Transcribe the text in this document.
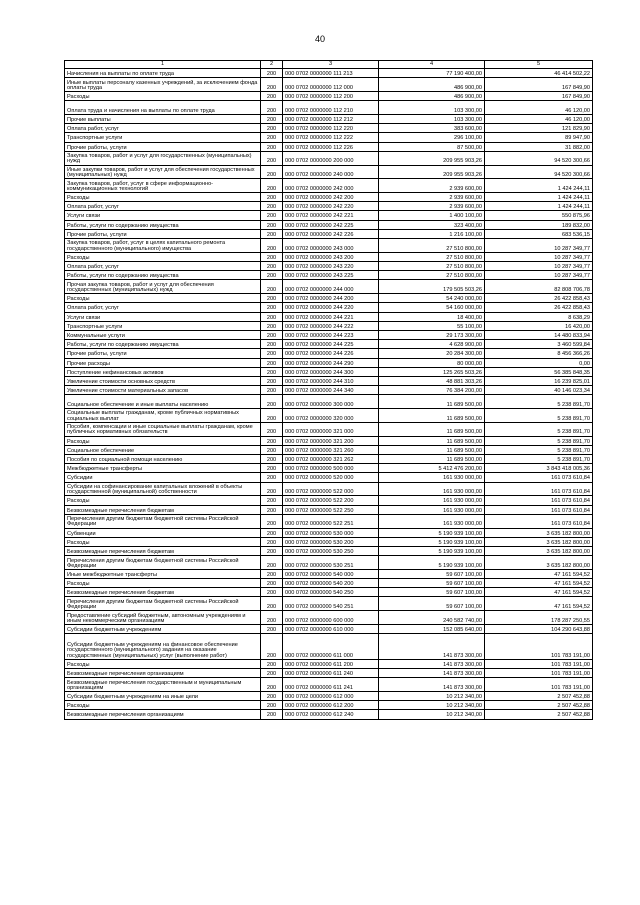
40
1	2	3	4	5
Начисления на выплаты по оплате труда	200	000 0702 0000000 111 213	77 190 400,00	46 414 502,22
Иные выплаты персоналу казенных учреждений, за исключением фонда оплаты труда	200	000 0702 0000000 112 000	486 900,00	167 849,90
Расходы	200	000 0702 0000000 112 200	486 900,00	167 849,90
Оплата труда и начисления на выплаты по оплате труда	200	000 0702 0000000 112 210	103 300,00	46 120,00
Прочие выплаты	200	000 0702 0000000 112 212	103 300,00	46 120,00
Оплата работ, услуг	200	000 0702 0000000 112 220	383 600,00	121 829,90
Транспортные услуги	200	000 0702 0000000 112 222	296 100,00	89 947,90
Прочие работы, услуги	200	000 0702 0000000 112 226	87 500,00	31 882,00
Закупка товаров, работ и услуг для государственных (муниципальных) нужд	200	000 0702 0000000 200 000	209 955 903,26	94 520 300,66
Иные закупки товаров, работ и услуг для обеспечения государственных (муниципальных) нужд	200	000 0702 0000000 240 000	209 955 903,26	94 520 300,66
Закупка товаров, работ, услуг в сфере информационно-коммуникационных технологий	200	000 0702 0000000 242 000	2 939 600,00	1 424 244,11
Расходы	200	000 0702 0000000 242 200	2 939 600,00	1 424 244,11
Оплата работ, услуг	200	000 0702 0000000 242 220	2 939 600,00	1 424 244,11
Услуги связи	200	000 0702 0000000 242 221	1 400 100,00	550 875,96
Работы, услуги по содержанию имущества	200	000 0702 0000000 242 225	323 400,00	189 832,00
Прочие работы, услуги	200	000 0702 0000000 242 226	1 216 100,00	683 536,15
Закупка товаров, работ, услуг в целях капитального ремонта государственного (муниципального) имущества	200	000 0702 0000000 243 000	27 510 800,00	10 287 349,77
Расходы	200	000 0702 0000000 243 200	27 510 800,00	10 287 349,77
Оплата работ, услуг	200	000 0702 0000000 243 220	27 510 800,00	10 287 349,77
Работы, услуги по содержанию имущества	200	000 0702 0000000 243 225	27 510 800,00	10 287 349,77
Прочая закупка товаров, работ и услуг для обеспечения государственных (муниципальных) нужд	200	000 0702 0000000 244 000	179 505 503,26	82 808 706,78
Расходы	200	000 0702 0000000 244 200	54 240 000,00	26 422 858,43
Оплата работ, услуг	200	000 0702 0000000 244 220	54 160 000,00	26 422 858,43
Услуги связи	200	000 0702 0000000 244 221	18 400,00	8 638,29
Транспортные услуги	200	000 0702 0000000 244 222	55 100,00	16 420,00
Коммунальные услуги	200	000 0702 0000000 244 223	29 173 300,00	14 480 833,94
Работы, услуги по содержанию имущества	200	000 0702 0000000 244 225	4 628 900,00	3 460 599,84
Прочие работы, услуги	200	000 0702 0000000 244 226	20 284 300,00	8 456 366,26
Прочие расходы	200	000 0702 0000000 244 290	80 000,00	0,00
Поступление нефинансовых активов	200	000 0702 0000000 244 300	125 265 503,26	56 385 848,35
Увеличение стоимости основных средств	200	000 0702 0000000 244 310	48 881 303,26	16 239 825,01
Увеличение стоимости материальных запасов	200	000 0702 0000000 244 340	76 384 200,00	40 146 023,34
Социальное обеспечение и иные выплаты населению	200	000 0702 0000000 300 000	11 689 500,00	5 238 891,70
Социальные выплаты гражданам, кроме публичных нормативных социальных выплат	200	000 0702 0000000 320 000	11 689 500,00	5 238 891,70
Пособия, компенсации и иные социальные выплаты гражданам, кроме публичных нормативных обязательств	200	000 0702 0000000 321 000	11 689 500,00	5 238 891,70
Расходы	200	000 0702 0000000 321 200	11 689 500,00	5 238 891,70
Социальное обеспечение	200	000 0702 0000000 321 260	11 689 500,00	5 238 891,70
Пособия по социальной помощи населению	200	000 0702 0000000 321 262	11 689 500,00	5 238 891,70
Межбюджетные трансферты	200	000 0702 0000000 500 000	5 412 476 200,00	3 843 418 005,36
Субсидии	200	000 0702 0000000 520 000	161 930 000,00	161 073 610,84
Субсидии на софинансирование капитальных вложений в объекты государственной (муниципальной) собственности	200	000 0702 0000000 522 000	161 930 000,00	161 073 610,84
Расходы	200	000 0702 0000000 522 200	161 930 000,00	161 073 610,84
Безвозмездные перечисления бюджетам	200	000 0702 0000000 522 250	161 930 000,00	161 073 610,84
Перечисления другим бюджетам бюджетной системы Российской Федерации	200	000 0702 0000000 522 251	161 930 000,00	161 073 610,84
Субвенции	200	000 0702 0000000 530 000	5 190 939 100,00	3 635 182 800,00
Расходы	200	000 0702 0000000 530 200	5 190 939 100,00	3 635 182 800,00
Безвозмездные перечисления бюджетам	200	000 0702 0000000 530 250	5 190 939 100,00	3 635 182 800,00
Перечисления другим бюджетам бюджетной системы Российской Федерации	200	000 0702 0000000 530 251	5 190 939 100,00	3 635 182 800,00
Иные межбюджетные трансферты	200	000 0702 0000000 540 000	59 607 100,00	47 161 594,52
Расходы	200	000 0702 0000000 540 200	59 607 100,00	47 161 594,52
Безвозмездные перечисления бюджетам	200	000 0702 0000000 540 250	59 607 100,00	47 161 594,52
Перечисления другим бюджетам бюджетной системы Российской Федерации	200	000 0702 0000000 540 251	59 607 100,00	47 161 594,52
Предоставление субсидий бюджетным, автономным учреждениям и иным некоммерческим организациям	200	000 0702 0000000 600 000	240 582 740,00	178 287 250,55
Субсидии бюджетным учреждениям	200	000 0702 0000000 610 000	152 085 640,00	104 290 643,88
Субсидии бюджетным учреждениям на финансовое обеспечение государственного (муниципального) задания на оказание государственных (муниципальных) услуг (выполнение работ)	200	000 0702 0000000 611 000	141 873 300,00	101 783 191,00
Расходы	200	000 0702 0000000 611 200	141 873 300,00	101 783 191,00
Безвозмездные перечисления организациям	200	000 0702 0000000 611 240	141 873 300,00	101 783 191,00
Безвозмездные перечисления государственным и муниципальным организациям	200	000 0702 0000000 611 241	141 873 300,00	101 783 191,00
Субсидии бюджетным учреждениям на иные цели	200	000 0702 0000000 612 000	10 212 340,00	2 507 452,88
Расходы	200	000 0702 0000000 612 200	10 212 340,00	2 507 452,88
Безвозмездные перечисления организациям	200	000 0702 0000000 612 240	10 212 340,00	2 507 452,88
